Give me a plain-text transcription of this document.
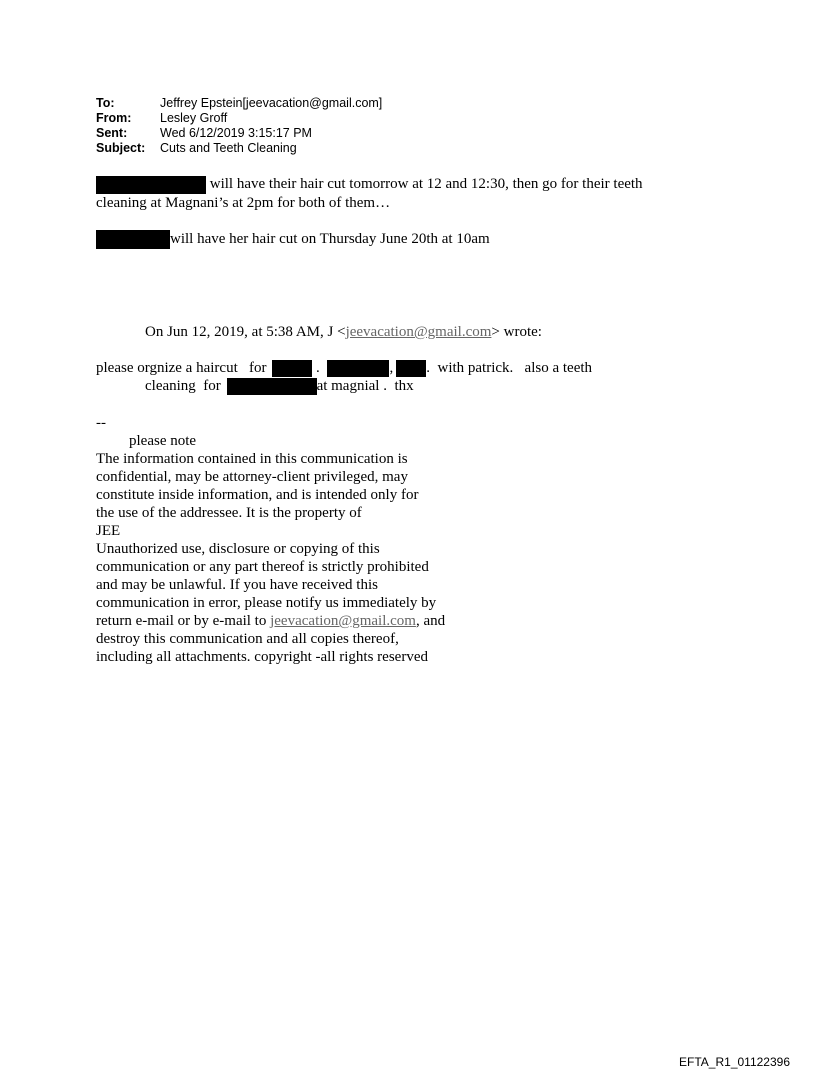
To:	Jeffrey Epstein[jeevacation@gmail.com]
From:	Lesley Groff
Sent:	Wed 6/12/2019 3:15:17 PM
Subject:	Cuts and Teeth Cleaning
will have their hair cut tomorrow at 12 and 12:30, then go for their teeth
cleaning at Magnani’s at 2pm for both of them…
will have her hair cut on Thursday June 20th at 10am
On Jun 12, 2019, at 5:38 AM, J <jeevacation@gmail.com> wrote:
please orgnize a haircut   for	.	, .  with patrick.   also a teeth
cleaning  for	at magnial .  thx
--
please note
The information contained in this communication is
confidential, may be attorney-client privileged, may
constitute inside information, and is intended only for
the use of the addressee. It is the property of
JEE
Unauthorized use, disclosure or copying of this
communication or any part thereof is strictly prohibited
and may be unlawful. If you have received this
communication in error, please notify us immediately by
return e-mail or by e-mail to jeevacation@gmail.com, and
destroy this communication and all copies thereof,
including all attachments. copyright -all rights reserved
EFTA_R1_01122396
